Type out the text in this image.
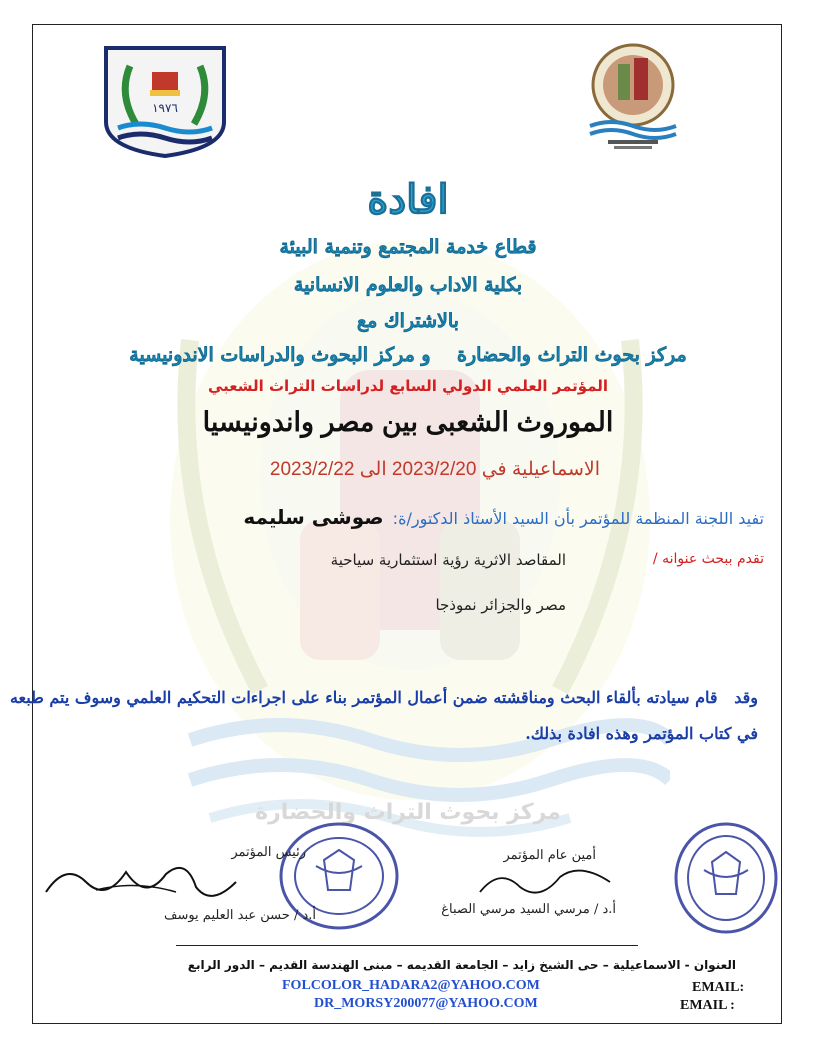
مركز بحوث التراث والحضارة
١٩٧٦
افادة
قطاع خدمة المجتمع وتنمية البيئة
بكلية الاداب والعلوم الانسانية
بالاشتراك مع
مركز بحوث التراث والحضارة    و مركز البحوث والدراسات الاندونيسية
المؤتمر العلمي الدولي السابع لدراسات التراث الشعبي
الموروث الشعبى بين مصر واندونيسيا
الاسماعيلية في 2023/2/20 الى 2023/2/22
تفيد اللجنة المنظمة للمؤتمر بأن السيد الأستاذ الدكتور/ة: صوشى سليمه
تقدم ببحث عنوانه /
المقاصد الاثرية رؤية استثمارية سياحية
مصر والجزائر نموذجا
وقد   قام سيادته بألقاء البحث ومناقشته ضمن أعمال المؤتمر بناء على اجراءات التحكيم العلمي وسوف يتم طبعه
في كتاب المؤتمر وهذه افادة بذلك.
رئيس المؤتمر
أ.د / حسن عبد العليم يوسف
أمين عام المؤتمر
أ.د / مرسي السيد مرسي الصباغ
العنوان - الاسماعيلية – حى الشيخ زايد – الجامعة القديمه – مبنى الهندسة القديم – الدور الرابع
FOLCOLOR_HADARA2@YAHOO.COM	EMAIL:
DR_MORSY200077@YAHOO.COM	EMAIL :
